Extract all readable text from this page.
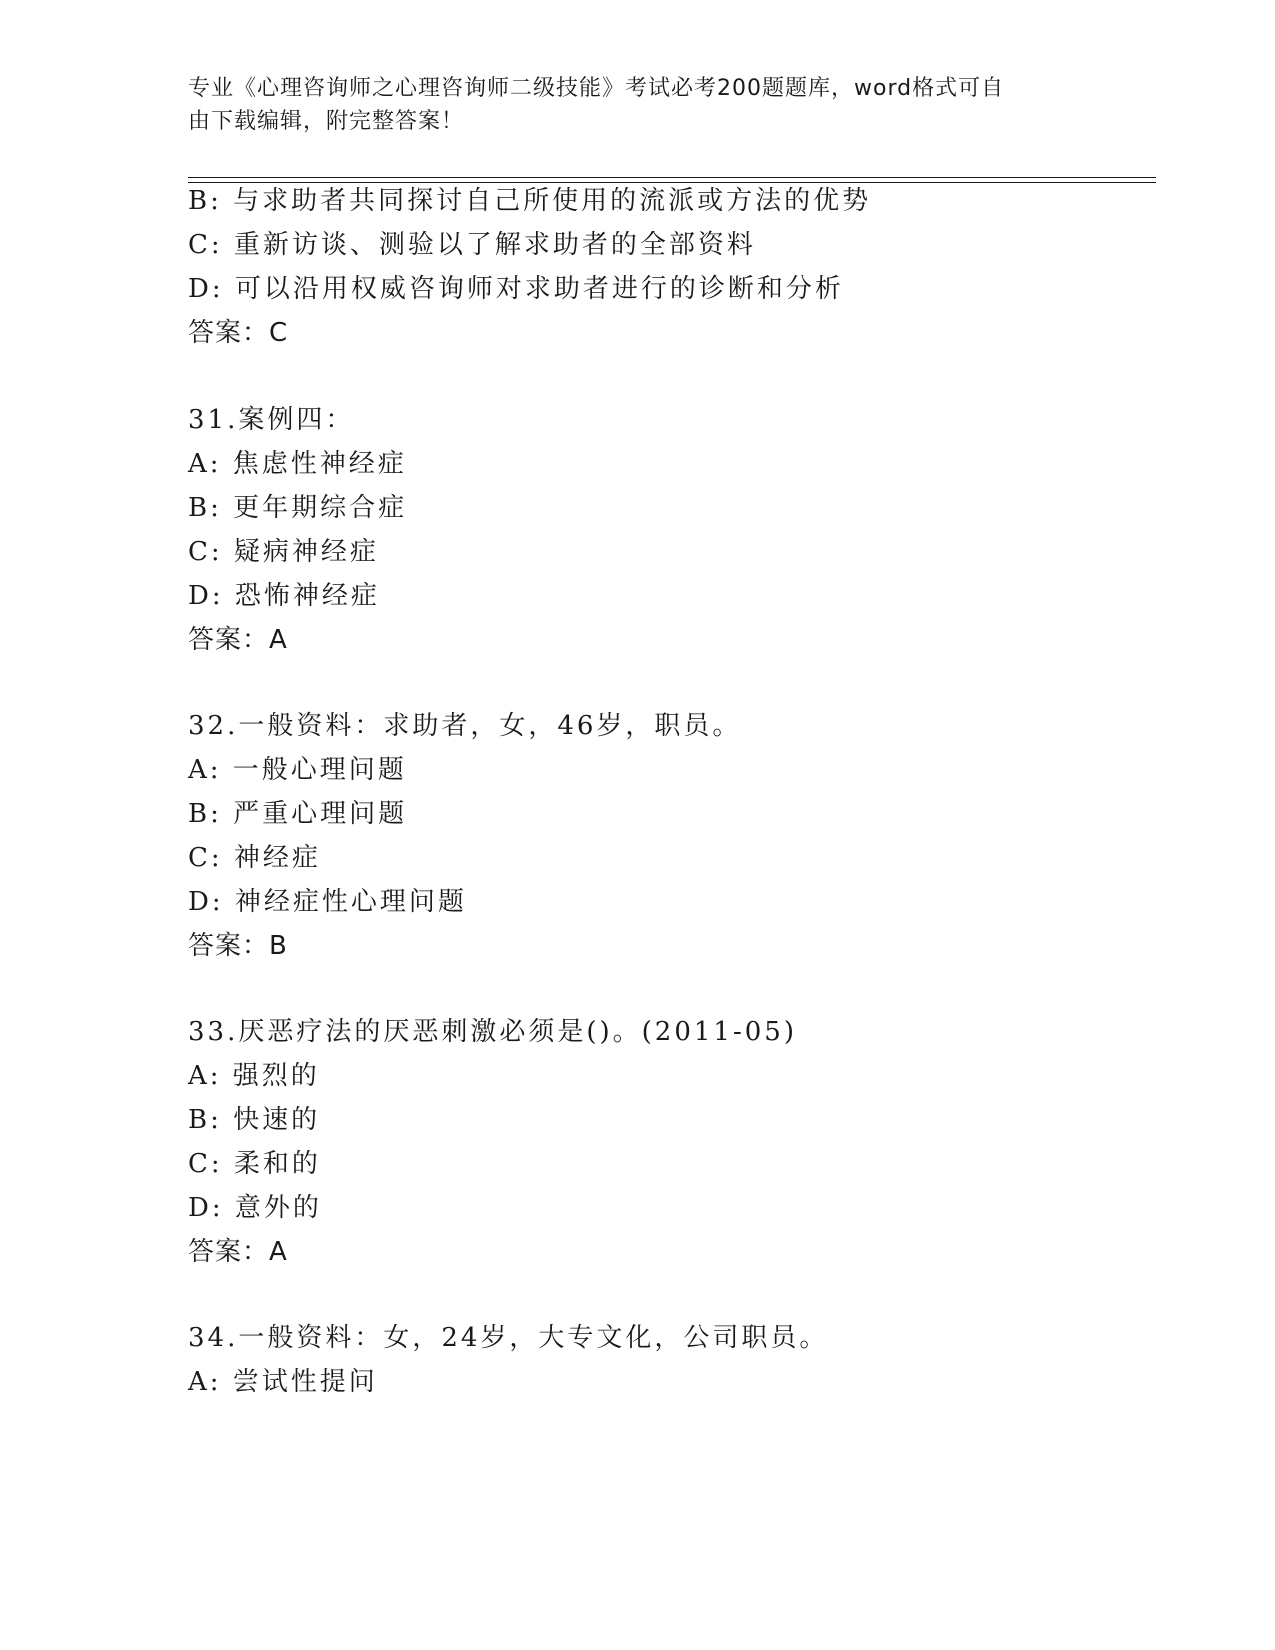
专业《心理咨询师之心理咨询师二级技能》考试必考200题题库，word格式可自
由下载编辑，附完整答案！
B: 与求助者共同探讨自己所使用的流派或方法的优势
C: 重新访谈、测验以了解求助者的全部资料
D: 可以沿用权威咨询师对求助者进行的诊断和分析
答案：C
31.案例四：
A: 焦虑性神经症
B: 更年期综合症
C: 疑病神经症
D: 恐怖神经症
答案：A
32.一般资料：求助者，女，46岁，职员。
A: 一般心理问题
B: 严重心理问题
C: 神经症
D: 神经症性心理问题
答案：B
33.厌恶疗法的厌恶刺激必须是()。(2011-05)
A: 强烈的
B: 快速的
C: 柔和的
D: 意外的
答案：A
34.一般资料：女，24岁，大专文化，公司职员。
A: 尝试性提问
